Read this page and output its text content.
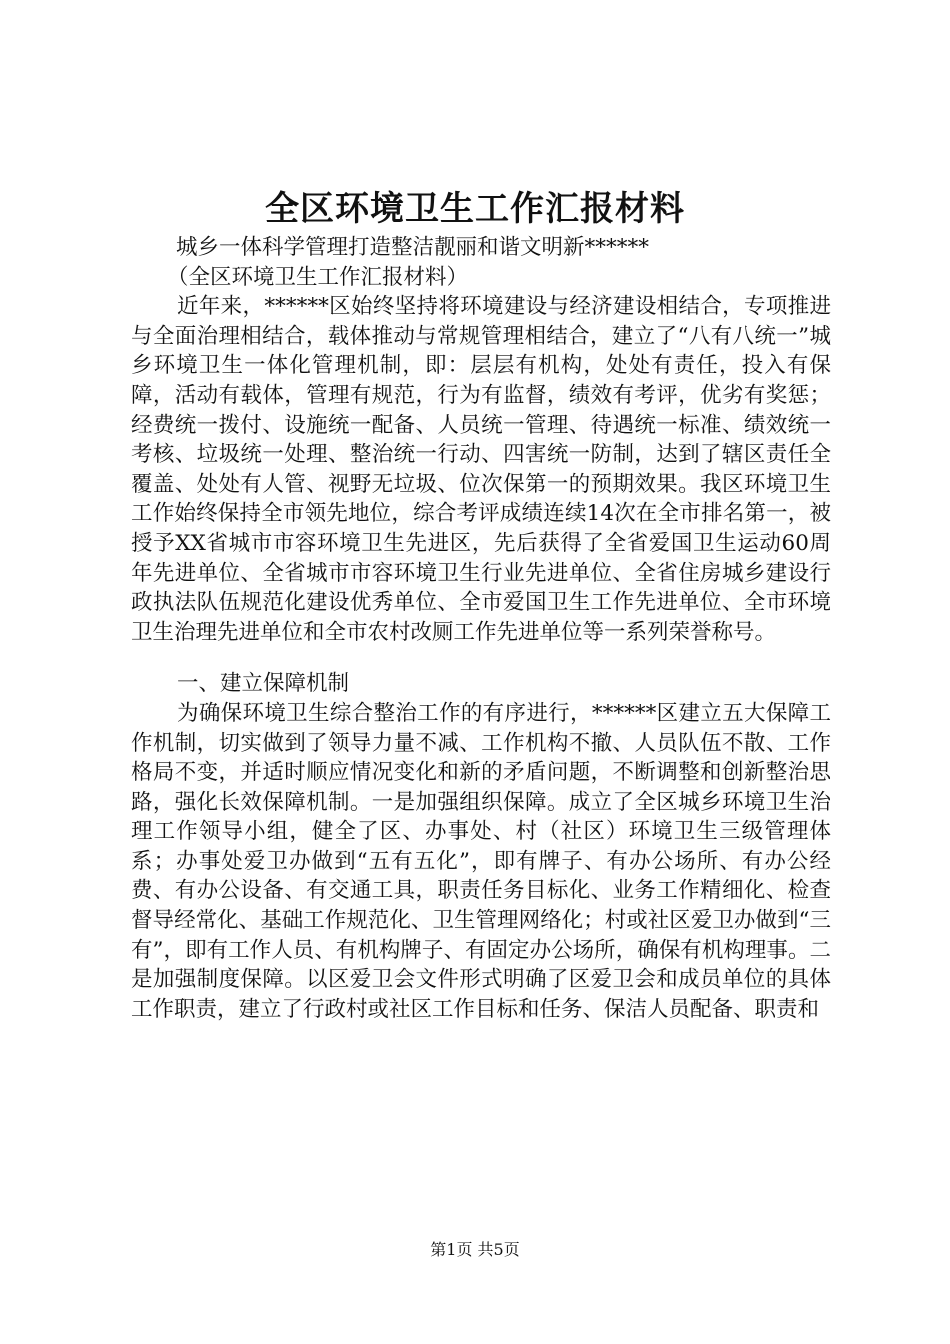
全区环境卫生工作汇报材料
城乡一体科学管理打造整洁靓丽和谐文明新******
（全区环境卫生工作汇报材料）

近年来，******区始终坚持将环境建设与经济建设相结合，专项推进与全面治理相结合，载体推动与常规管理相结合，建立了“八有八统一”城乡环境卫生一体化管理机制，即：层层有机构，处处有责任，投入有保障，活动有载体，管理有规范，行为有监督，绩效有考评，优劣有奖惩；经费统一拨付、设施统一配备、人员统一管理、待遇统一标准、绩效统一考核、垃圾统一处理、整治统一行动、四害统一防制，达到了辖区责任全覆盖、处处有人管、视野无垃圾、位次保第一的预期效果。我区环境卫生工作始终保持全市领先地位，综合考评成绩连续14次在全市排名第一，被授予XX省城市市容环境卫生先进区，先后获得了全省爱国卫生运动60周年先进单位、全省城市市容环境卫生行业先进单位、全省住房城乡建设行政执法队伍规范化建设优秀单位、全市爱国卫生工作先进单位、全市环境卫生治理先进单位和全市农村改厕工作先进单位等一系列荣誉称号。

一、建立保障机制

为确保环境卫生综合整治工作的有序进行，******区建立五大保障工作机制，切实做到了领导力量不减、工作机构不撤、人员队伍不散、工作格局不变，并适时顺应情况变化和新的矛盾问题，不断调整和创新整治思路，强化长效保障机制。一是加强组织保障。成立了全区城乡环境卫生治理工作领导小组，健全了区、办事处、村（社区）环境卫生三级管理体系；办事处爱卫办做到“五有五化”，即有牌子、有办公场所、有办公经费、有办公设备、有交通工具，职责任务目标化、业务工作精细化、检查督导经常化、基础工作规范化、卫生管理网络化；村或社区爱卫办做到“三有”，即有工作人员、有机构牌子、有固定办公场所，确保有机构理事。二是加强制度保障。以区爱卫会文件形式明确了区爱卫会和成员单位的具体工作职责，建立了行政村或社区工作目标和任务、保洁人员配备、职责和

第1页 共5页
